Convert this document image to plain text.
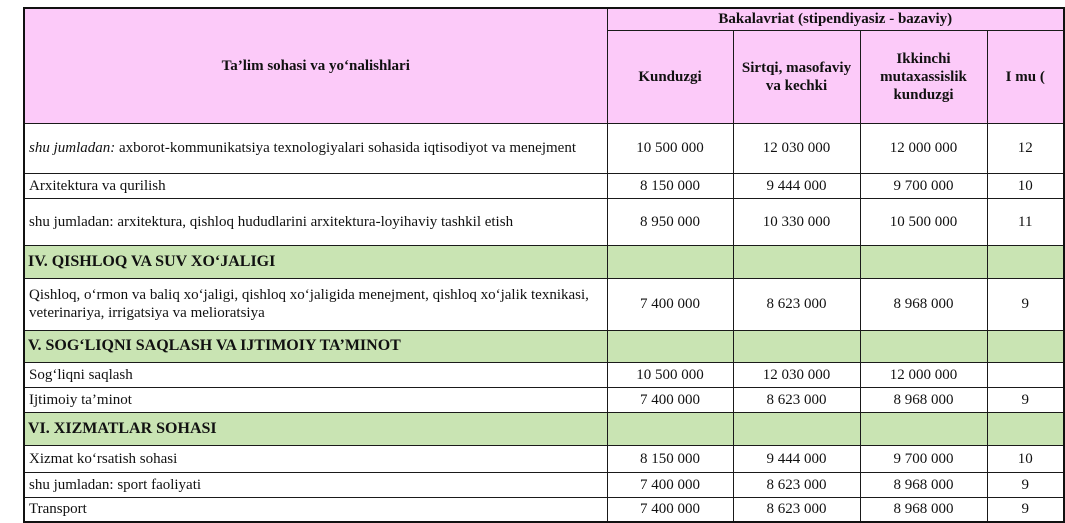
Ta’lim sohasi va yo‘nalishlari	Bakalavriat (stipendiyasiz - bazaviy)			
	Kunduzgi	Sirtqi, masofaviy va kechki	Ikkinchi mutaxassislik kunduzgi	I mu (
shu jumladan: axborot-kommunikatsiya texnologiyalari sohasida iqtisodiyot va menejment	10 500 000	12 030 000	12 000 000	12
Arxitektura va qurilish	8 150 000	9 444 000	9 700 000	10
shu jumladan: arxitektura, qishloq hududlarini arxitektura-loyihaviy tashkil etish	8 950 000	10 330 000	10 500 000	11
IV. QISHLOQ VA SUV XO‘JALIGI				
Qishloq, o‘rmon va baliq xo‘jaligi, qishloq xo‘jaligida menejment, qishloq xo‘jalik texnikasi, veterinariya, irrigatsiya va melioratsiya	7 400 000	8 623 000	8 968 000	9
V. SOG‘LIQNI SAQLASH VA IJTIMOIY TA’MINOT				
Sog‘liqni saqlash	10 500 000	12 030 000	12 000 000	
Ijtimoiy ta’minot	7 400 000	8 623 000	8 968 000	9
VI. XIZMATLAR SOHASI				
Xizmat ko‘rsatish sohasi	8 150 000	9 444 000	9 700 000	10
shu jumladan: sport faoliyati	7 400 000	8 623 000	8 968 000	9
Transport	7 400 000	8 623 000	8 968 000	9
